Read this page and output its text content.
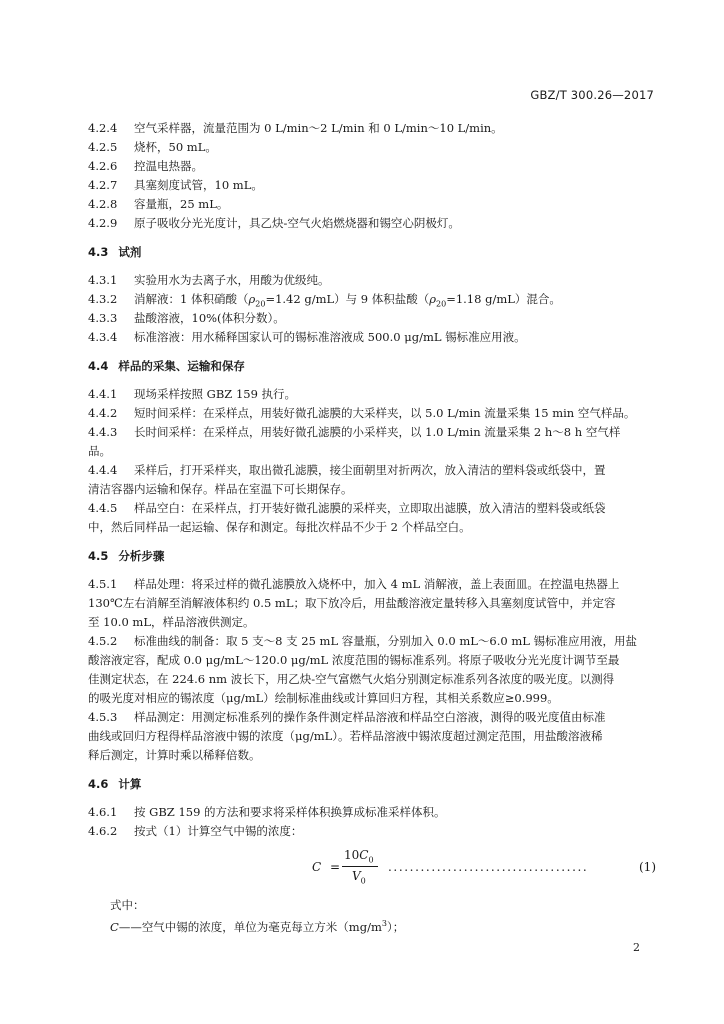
GBZ/T 300.26—2017
4.2.4 空气采样器，流量范围为 0 L/min～2 L/min 和 0 L/min～10 L/min。
4.2.5 烧杯，50 mL。
4.2.6 控温电热器。
4.2.7 具塞刻度试管，10 mL。
4.2.8 容量瓶，25 mL。
4.2.9 原子吸收分光光度计，具乙炔-空气火焰燃烧器和锡空心阴极灯。
4.3 试剂
4.3.1 实验用水为去离子水，用酸为优级纯。
4.3.2 消解液：1 体积硝酸（$\rho_{20}=1.42$ g/mL）与 9 体积盐酸（$\rho_{20}=1.18$ g/mL）混合。
4.3.3 盐酸溶液，10%(体积分数）。
4.3.4 标准溶液：用水稀释国家认可的锡标准溶液成 500.0 μg/mL 锡标准应用液。
4.4 样品的采集、运输和保存
4.4.1 现场采样按照 GBZ 159 执行。
4.4.2 短时间采样：在采样点，用装好微孔滤膜的大采样夹，以 5.0 L/min 流量采集 15 min 空气样品。
4.4.3 长时间采样：在采样点，用装好微孔滤膜的小采样夹，以 1.0 L/min 流量采集 2 h～8 h 空气样
品。
4.4.4 采样后，打开采样夹，取出微孔滤膜，接尘面朝里对折两次，放入清洁的塑料袋或纸袋中，置
清洁容器内运输和保存。样品在室温下可长期保存。
4.4.5 样品空白：在采样点，打开装好微孔滤膜的采样夹，立即取出滤膜，放入清洁的塑料袋或纸袋
中，然后同样品一起运输、保存和测定。每批次样品不少于 2 个样品空白。
4.5 分析步骤
4.5.1 样品处理：将采过样的微孔滤膜放入烧杯中，加入 4 mL 消解液，盖上表面皿。在控温电热器上
130℃左右消解至消解液体积约 0.5 mL；取下放冷后，用盐酸溶液定量转移入具塞刻度试管中，并定容
至 10.0 mL，样品溶液供测定。
4.5.2 标准曲线的制备：取 5 支～8 支 25 mL 容量瓶，分别加入 0.0 mL～6.0 mL 锡标准应用液，用盐
酸溶液定容，配成 0.0 μg/mL～120.0 μg/mL 浓度范围的锡标准系列。将原子吸收分光光度计调节至最
佳测定状态，在 224.6 nm 波长下，用乙炔-空气富燃气火焰分别测定标准系列各浓度的吸光度。以测得
的吸光度对相应的锡浓度（μg/mL）绘制标准曲线或计算回归方程，其相关系数应≥0.999。
4.5.3 样品测定：用测定标准系列的操作条件测定样品溶液和样品空白溶液，测得的吸光度值由标准
曲线或回归方程得样品溶液中锡的浓度（μg/mL）。若样品溶液中锡浓度超过测定范围，用盐酸溶液稀
释后测定，计算时乘以稀释倍数。
4.6 计算
4.6.1 按 GBZ 159 的方法和要求将采样体积换算成标准采样体积。
4.6.2 按式（1）计算空气中锡的浓度：
C =
$10C_0$
$V_0$
.....................................	(1)
式中：
C——空气中锡的浓度，单位为毫克每立方米$(mg/m^3)$；
2
